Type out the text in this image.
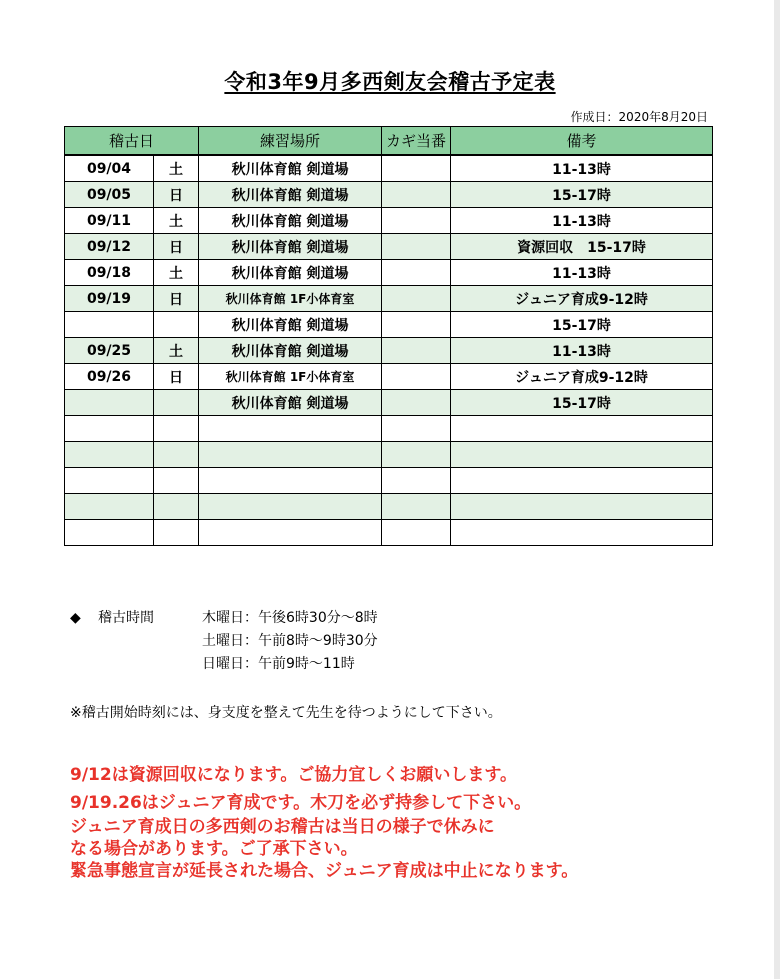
令和3年9月多西剣友会稽古予定表
作成日：2020年8月20日
稽古日		練習場所	カギ当番	備考
09/04	土	秋川体育館 剣道場		11-13時
09/05	日	秋川体育館 剣道場		15-17時
09/11	土	秋川体育館 剣道場		11-13時
09/12	日	秋川体育館 剣道場		資源回収　15-17時
09/18	土	秋川体育館 剣道場		11-13時
09/19	日	秋川体育館 1F小体育室		ジュニア育成9-12時
		秋川体育館 剣道場		15-17時
09/25	土	秋川体育館 剣道場		11-13時
09/26	日	秋川体育館 1F小体育室		ジュニア育成9-12時
		秋川体育館 剣道場		15-17時

◆ 稽古時間	木曜日：午後6時30分～8時
土曜日：午前8時～9時30分
日曜日：午前9時～11時
※稽古開始時刻には、身支度を整えて先生を待つようにして下さい。
9/12は資源回収になります。ご協力宜しくお願いします。
9/19.26はジュニア育成です。木刀を必ず持参して下さい。
ジュニア育成日の多西剣のお稽古は当日の様子で休みに
なる場合があります。ご了承下さい。
緊急事態宣言が延長された場合、ジュニア育成は中止になります。
